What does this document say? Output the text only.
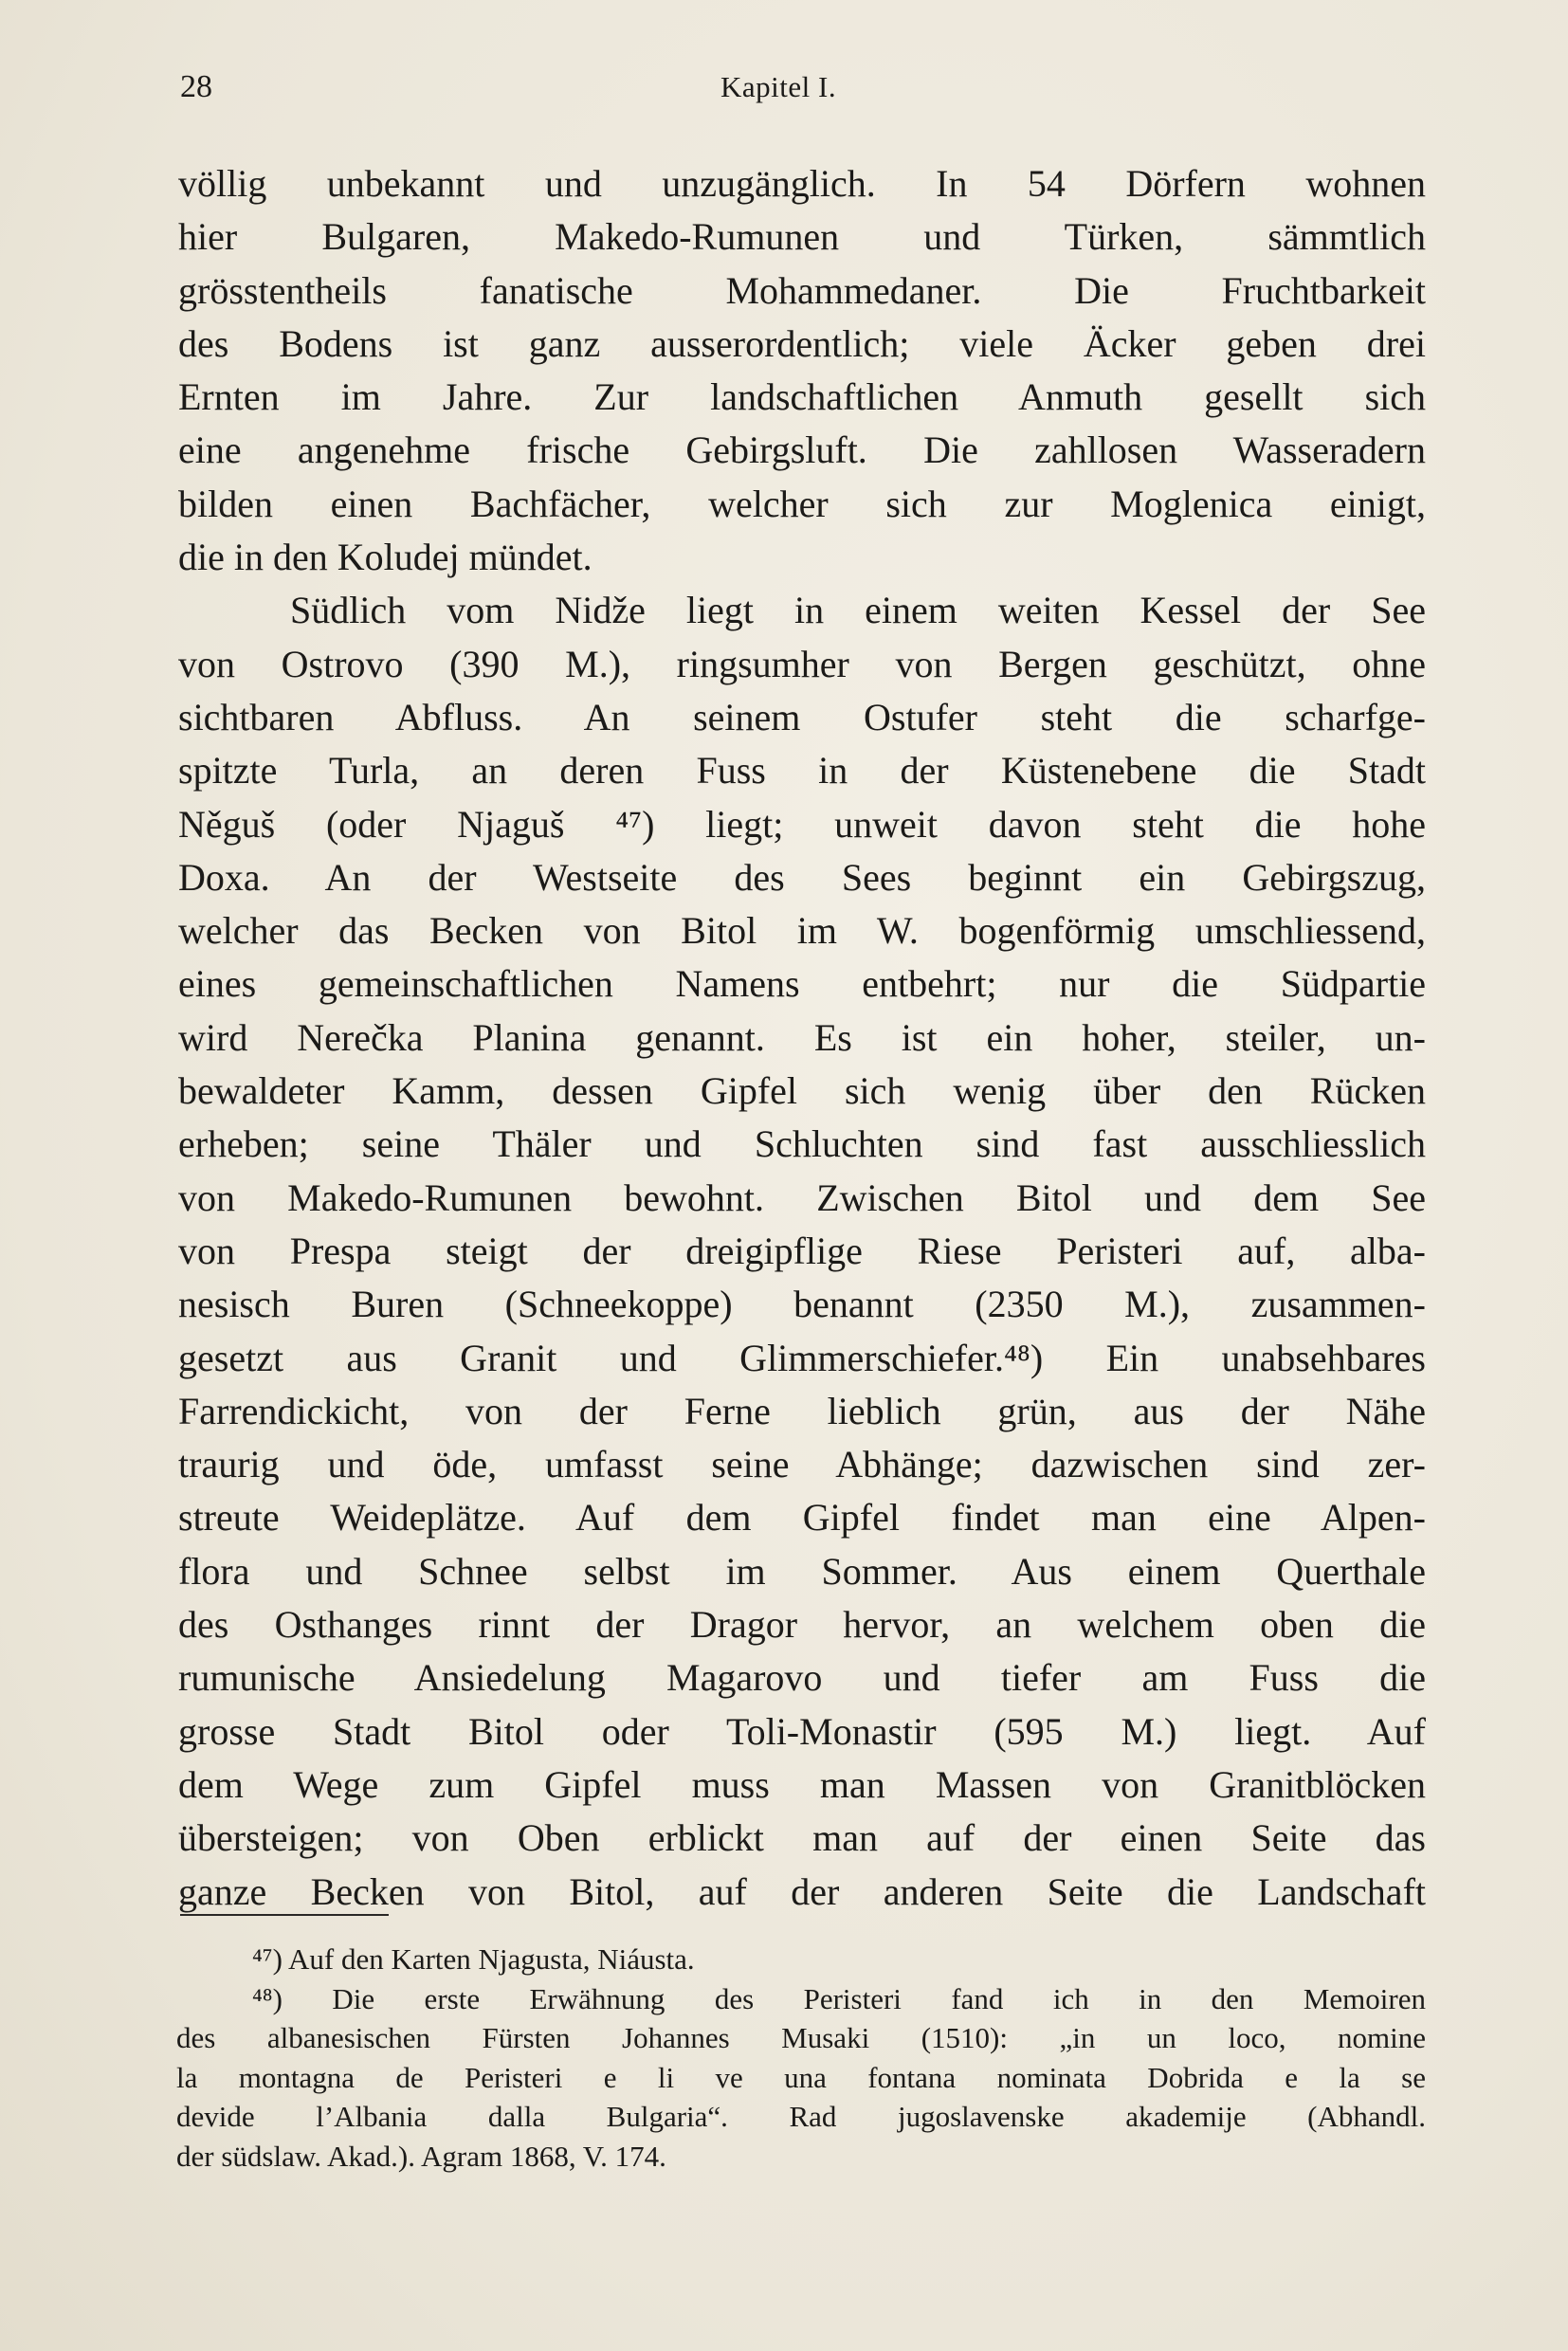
28	Kapitel I.
völlig unbekannt und unzugänglich. In 54 Dörfern wohnen
hier Bulgaren, Makedo-Rumunen und Türken, sämmtlich
grösstentheils fanatische Mohammedaner. Die Fruchtbarkeit
des Bodens ist ganz ausserordentlich; viele Äcker geben drei
Ernten im Jahre. Zur landschaftlichen Anmuth gesellt sich
eine angenehme frische Gebirgsluft. Die zahllosen Wasseradern
bilden einen Bachfächer, welcher sich zur Moglenica einigt,
die in den Koludej mündet.
Südlich vom Nidže liegt in einem weiten Kessel der See
von Ostrovo (390 M.), ringsumher von Bergen geschützt, ohne
sichtbaren Abfluss. An seinem Ostufer steht die scharfge-
spitzte Turla, an deren Fuss in der Küstenebene die Stadt
Něguš (oder Njaguš ⁴⁷) liegt; unweit davon steht die hohe
Doxa. An der Westseite des Sees beginnt ein Gebirgszug,
welcher das Becken von Bitol im W. bogenförmig umschliessend,
eines gemeinschaftlichen Namens entbehrt; nur die Südpartie
wird Nerečka Planina genannt. Es ist ein hoher, steiler, un-
bewaldeter Kamm, dessen Gipfel sich wenig über den Rücken
erheben; seine Thäler und Schluchten sind fast ausschliesslich
von Makedo-Rumunen bewohnt. Zwischen Bitol und dem See
von Prespa steigt der dreigipflige Riese Peristeri auf, alba-
nesisch Buren (Schneekoppe) benannt (2350 M.), zusammen-
gesetzt aus Granit und Glimmerschiefer.⁴⁸) Ein unabsehbares
Farrendickicht, von der Ferne lieblich grün, aus der Nähe
traurig und öde, umfasst seine Abhänge; dazwischen sind zer-
streute Weideplätze. Auf dem Gipfel findet man eine Alpen-
flora und Schnee selbst im Sommer. Aus einem Querthale
des Osthanges rinnt der Dragor hervor, an welchem oben die
rumunische Ansiedelung Magarovo und tiefer am Fuss die
grosse Stadt Bitol oder Toli-Monastir (595 M.) liegt. Auf
dem Wege zum Gipfel muss man Massen von Granitblöcken
übersteigen; von Oben erblickt man auf der einen Seite das
ganze Becken von Bitol, auf der anderen Seite die Landschaft
⁴⁷) Auf den Karten Njagusta, Niáusta.
⁴⁸) Die erste Erwähnung des Peristeri fand ich in den Memoiren
des albanesischen Fürsten Johannes Musaki (1510): „in un loco, nomine
la montagna de Peristeri e li ve una fontana nominata Dobrida e la se
devide l’Albania dalla Bulgaria“. Rad jugoslavenske akademije (Abhandl.
der südslaw. Akad.). Agram 1868, V. 174.
